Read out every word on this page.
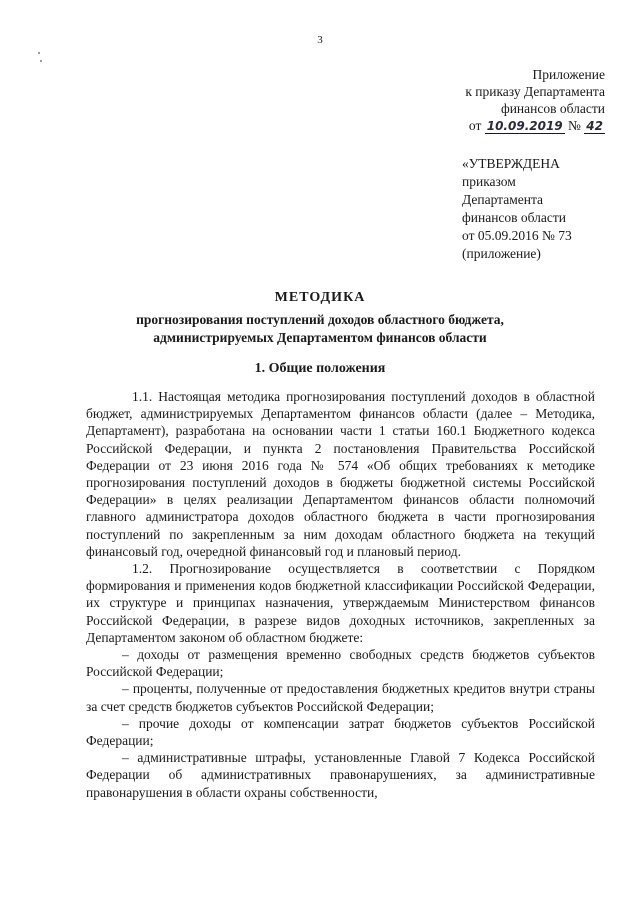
3
Приложение
к приказу Департамента
финансов области
от 10.09.2019 № 42
«УТВЕРЖДЕНА
приказом
Департамента
финансов области
от 05.09.2016 № 73
(приложение)
МЕТОДИКА
прогнозирования поступлений доходов областного бюджета,
администрируемых Департаментом финансов области
1. Общие положения

1.1. Настоящая методика прогнозирования поступлений доходов в областной бюджет, администрируемых Департаментом финансов области (далее – Методика, Департамент), разработана на основании части 1 статьи 160.1 Бюджетного кодекса Российской Федерации, и пункта 2 постановления Правительства Российской Федерации от 23 июня 2016 года № 574 «Об общих требованиях к методике прогнозирования поступлений доходов в бюджеты бюджетной системы Российской Федерации» в целях реализации Департаментом финансов области полномочий главного администратора доходов областного бюджета в части прогнозирования поступлений по закрепленным за ним доходам областного бюджета на текущий финансовый год, очередной финансовый год и плановый период.

1.2. Прогнозирование осуществляется в соответствии с Порядком формирования и применения кодов бюджетной классификации Российской Федерации, их структуре и принципах назначения, утверждаемым Министерством финансов Российской Федерации, в разрезе видов доходных источников, закрепленных за Департаментом законом об областном бюджете:

– доходы от размещения временно свободных средств бюджетов субъектов Российской Федерации;

– проценты, полученные от предоставления бюджетных кредитов внутри страны за счет средств бюджетов субъектов Российской Федерации;

– прочие доходы от компенсации затрат бюджетов субъектов Российской Федерации;

– административные штрафы, установленные Главой 7 Кодекса Российской Федерации об административных правонарушениях, за административные правонарушения в области охраны собственности,
